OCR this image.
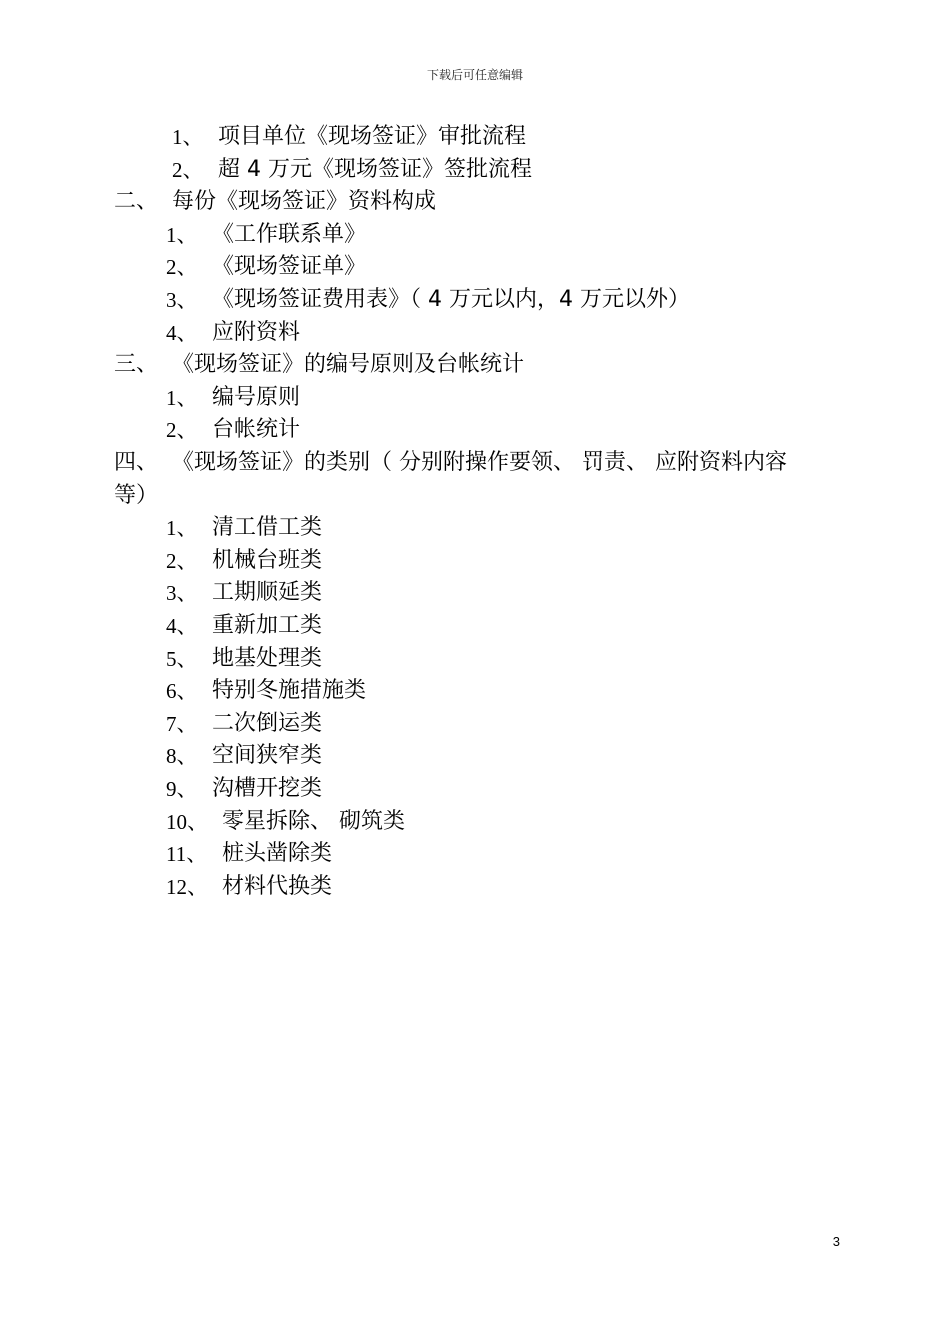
下载后可任意编辑
1、 项目单位《现场签证》审批流程
2、 超 4 万元《现场签证》签批流程
二、 每份《现场签证》资料构成
1、 《工作联系单》
2、 《现场签证单》
3、 《现场签证费用表》（ 4 万元以内，4 万元以外）
4、 应附资料
三、 《现场签证》的编号原则及台帐统计
1、 编号原则
2、 台帐统计
四、 《现场签证》的类别（ 分别附操作要领、 罚责、 应附资料内容
等）
1、 清工借工类
2、 机械台班类
3、 工期顺延类
4、 重新加工类
5、 地基处理类
6、 特别冬施措施类
7、 二次倒运类
8、 空间狭窄类
9、 沟槽开挖类
10、 零星拆除、 砌筑类
11、 桩头凿除类
12、 材料代换类
3
